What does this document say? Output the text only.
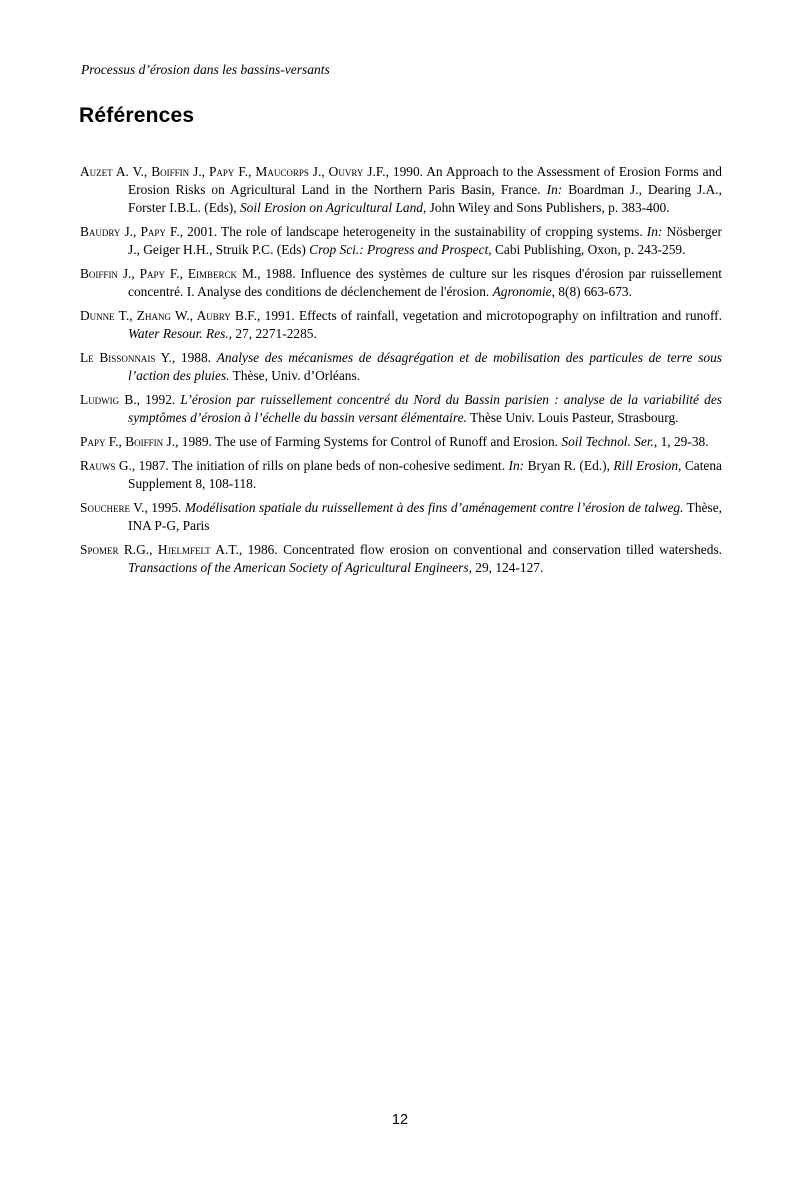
Processus d’érosion dans les bassins-versants
Références

Auzet A. V., Boiffin J., Papy F., Maucorps J., Ouvry J.F., 1990. An Approach to the Assessment of Erosion Forms and Erosion Risks on Agricultural Land in the Northern Paris Basin, France. In: Boardman J., Dearing J.A., Forster I.B.L. (Eds), Soil Erosion on Agricultural Land, John Wiley and Sons Publishers, p. 383-400.

Baudry J., Papy F., 2001. The role of landscape heterogeneity in the sustainability of cropping systems. In: Nösberger J., Geiger H.H., Struik P.C. (Eds) Crop Sci.: Progress and Prospect, Cabi Publishing, Oxon, p. 243-259.

Boiffin J., Papy F., Eimberck M., 1988. Influence des systèmes de culture sur les risques d'érosion par ruissellement concentré. I. Analyse des conditions de déclenchement de l'érosion. Agronomie, 8(8) 663-673.

Dunne T., Zhang W., Aubry B.F., 1991. Effects of rainfall, vegetation and microtopography on infiltration and runoff. Water Resour. Res., 27, 2271-2285.

Le Bissonnais Y., 1988. Analyse des mécanismes de désagrégation et de mobilisation des particules de terre sous l’action des pluies. Thèse, Univ. d’Orléans.

Ludwig B., 1992. L’érosion par ruissellement concentré du Nord du Bassin parisien : analyse de la variabilité des symptômes d’érosion à l’échelle du bassin versant élémentaire. Thèse Univ. Louis Pasteur, Strasbourg.

Papy F., Boiffin J., 1989. The use of Farming Systems for Control of Runoff and Erosion. Soil Technol. Ser., 1, 29-38.

Rauws G., 1987. The initiation of rills on plane beds of non-cohesive sediment. In: Bryan R. (Ed.), Rill Erosion, Catena Supplement 8, 108-118.

Souchere V., 1995. Modélisation spatiale du ruissellement à des fins d’aménagement contre l’érosion de talweg. Thèse, INA P-G, Paris

Spomer R.G., Hjelmfelt A.T., 1986. Concentrated flow erosion on conventional and conservation tilled watersheds. Transactions of the American Society of Agricultural Engineers, 29, 124-127.

12
